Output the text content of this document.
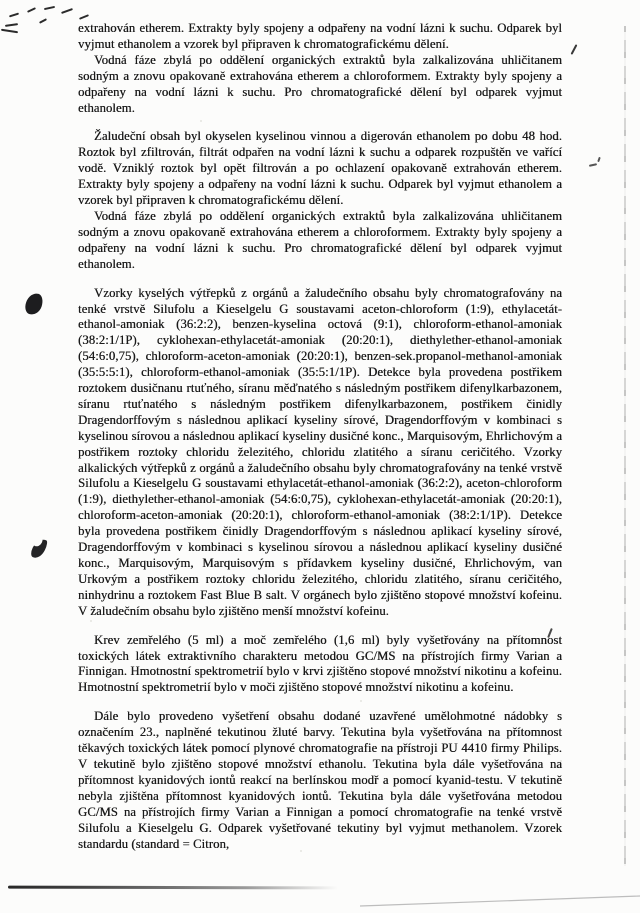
extrahován etherem. Extrakty byly spojeny a odpařeny na vodní lázni k suchu. Odparek byl vyjmut ethanolem a vzorek byl připraven k chromatografickému dělení.

Vodná fáze zbylá po oddělení organických extraktů byla zalkalizována uhličitanem sodným a znovu opakovaně extrahována etherem a chloroformem. Extrakty byly spojeny a odpařeny na vodní lázni k suchu. Pro chromatografické dělení byl odparek vyjmut ethanolem.

Žaludeční obsah byl okyselen kyselinou vinnou a digerován ethanolem po dobu 48 hod. Roztok byl zfiltrován, filtrát odpařen na vodní lázni k suchu a odparek rozpuštěn ve vařící vodě. Vzniklý roztok byl opět filtrován a po ochlazení opakovaně extrahován etherem. Extrakty byly spojeny a odpařeny na vodní lázni k suchu. Odparek byl vyjmut ethanolem a vzorek byl připraven k chromatografickému dělení.

Vodná fáze zbylá po oddělení organických extraktů byla zalkalizována uhličitanem sodným a znovu opakovaně extrahována etherem a chloroformem. Extrakty byly spojeny a odpařeny na vodní lázni k suchu. Pro chromatografické dělení byl odparek vyjmut ethanolem.

Vzorky kyselých výtřepků z orgánů a žaludečního obsahu byly chromatografovány na tenké vrstvě Silufolu a Kieselgelu G soustavami aceton-chloroform (1:9), ethylacetát-ethanol-amoniak (36:2:2), benzen-kyselina octová (9:1), chloroform-ethanol-amoniak (38:2:1/1P), cyklohexan-ethylacetát-amoniak (20:20:1), diethylether-ethanol-amoniak (54:6:0,75), chloroform-aceton-amoniak (20:20:1), benzen-sek.propanol-methanol-amoniak (35:5:5:1), chloroform-ethanol-amoniak (35:5:1/1P). Detekce byla provedena postřikem roztokem dusičnanu rtuťného, síranu měďnatého s následným postřikem difenylkarbazonem, síranu rtuťnatého s následným postřikem difenylkarbazonem, postřikem činidly Dragendorffovým s následnou aplikací kyseliny sírové, Dragendorffovým v kombinaci s kyselinou sírovou a následnou aplikací kyseliny dusičné konc., Marquisovým, Ehrlichovým a postřikem roztoky chloridu železitého, chloridu zlatitého a síranu ceričitého. Vzorky alkalických výtřepků z orgánů a žaludečního obsahu byly chromatografovány na tenké vrstvě Silufolu a Kieselgelu G soustavami ethylacetát-ethanol-amoniak (36:2:2), aceton-chloroform (1:9), diethylether-ethanol-amoniak (54:6:0,75), cyklohexan-ethylacetát-amoniak (20:20:1), chloroform-aceton-amoniak (20:20:1), chloroform-ethanol-amoniak (38:2:1/1P). Detekce byla provedena postřikem činidly Dragendorffovým s následnou aplikací kyseliny sírové, Dragendorffovým v kombinaci s kyselinou sírovou a následnou aplikací kyseliny dusičné konc., Marquisovým, Marquisovým s přídavkem kyseliny dusičné, Ehrlichovým, van Urkovým a postřikem roztoky chloridu železitého, chloridu zlatitého, síranu ceričitého, ninhydrinu a roztokem Fast Blue B salt. V orgánech bylo zjištěno stopové množství kofeinu. V žaludečním obsahu bylo zjištěno menší množství kofeinu.

Krev zemřelého (5 ml) a moč zemřelého (1,6 ml) byly vyšetřovány na přítomnost toxických látek extraktivního charakteru metodou GC/MS na přístrojích firmy Varian a Finnigan. Hmotnostní spektrometrií bylo v krvi zjištěno stopové množství nikotinu a kofeinu. Hmotnostní spektrometrií bylo v moči zjištěno stopové množství nikotinu a kofeinu.

Dále bylo provedeno vyšetření obsahu dodané uzavřené umělohmotné nádobky s označením 23., naplněné tekutinou žluté barvy. Tekutina byla vyšetřována na přítomnost těkavých toxických látek pomocí plynové chromatografie na přístroji PU 4410 firmy Philips. V tekutině bylo zjištěno stopové množství ethanolu. Tekutina byla dále vyšetřována na přítomnost kyanidových iontů reakcí na berlínskou modř a pomocí kyanid-testu. V tekutině nebyla zjištěna přítomnost kyanidových iontů. Tekutina byla dále vyšetřována metodou GC/MS na přístrojích firmy Varian a Finnigan a pomocí chromatografie na tenké vrstvě Silufolu a Kieselgelu G. Odparek vyšetřované tekutiny byl vyjmut methanolem. Vzorek standardu (standard = Citron,
